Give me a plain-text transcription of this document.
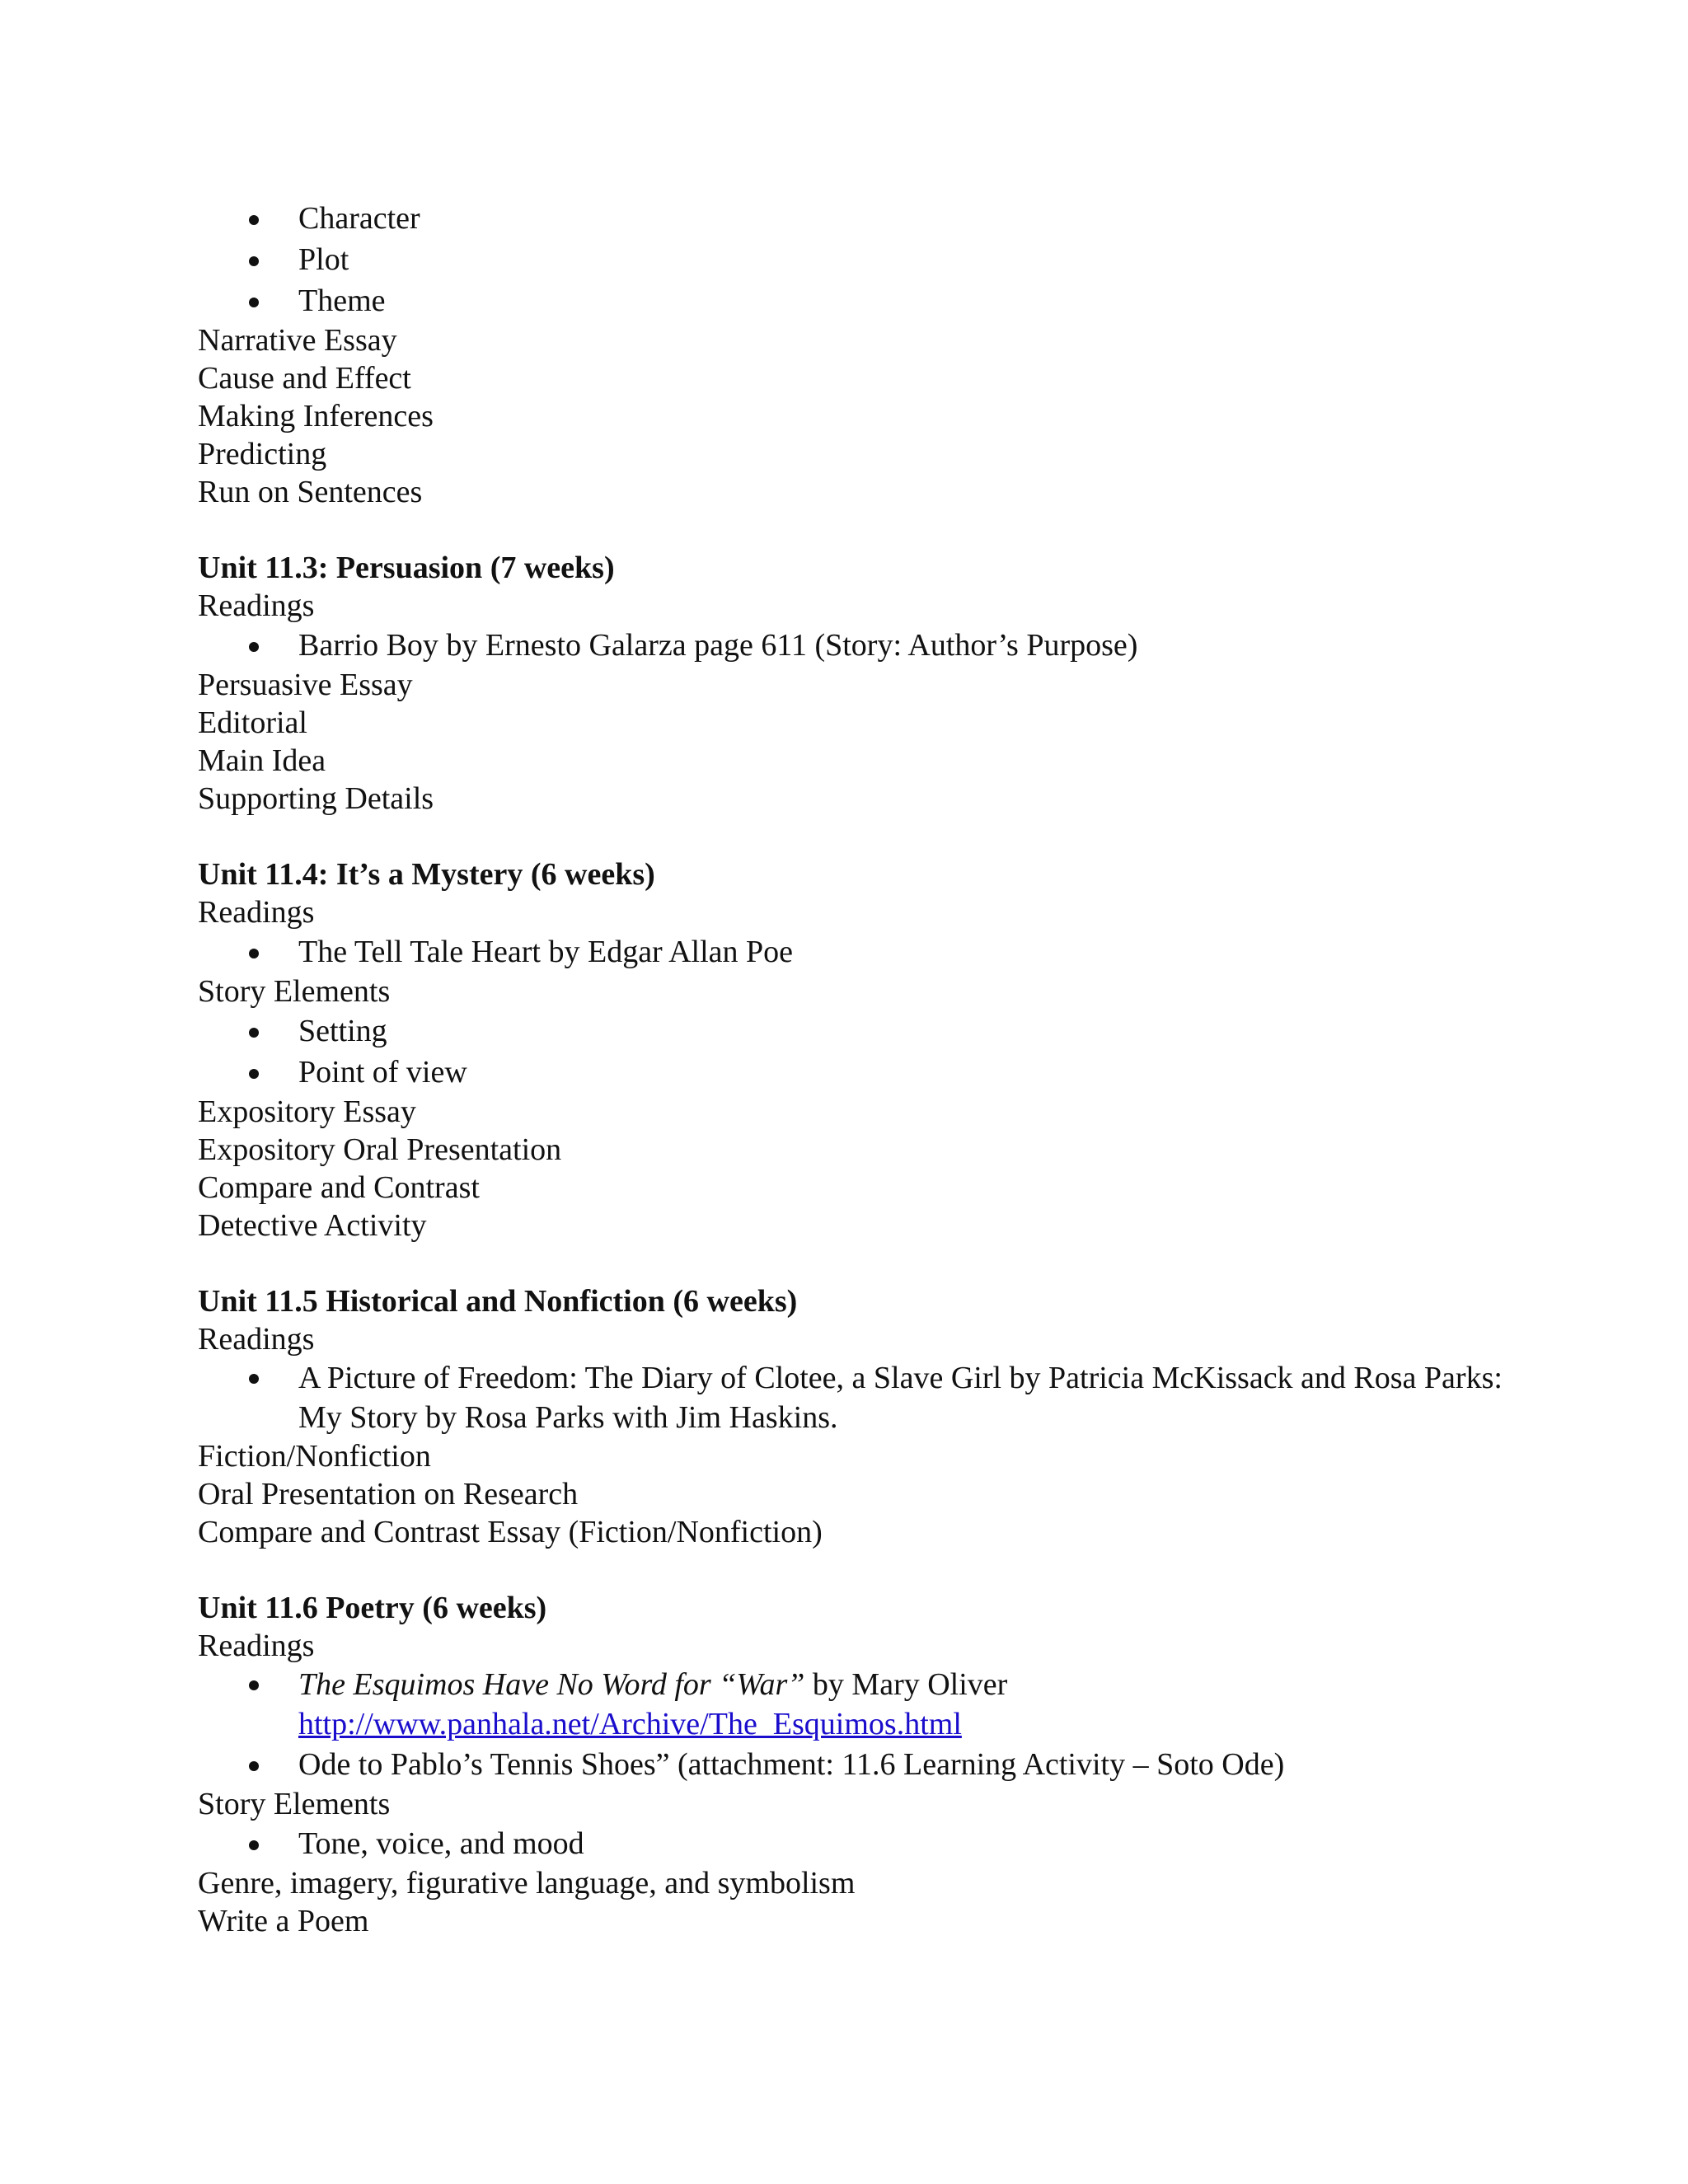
Character
Plot
Theme
Narrative Essay
Cause and Effect
Making Inferences
Predicting
Run on Sentences
Unit 11.3: Persuasion (7 weeks)
Readings
Barrio Boy by Ernesto Galarza page 611 (Story: Author’s Purpose)
Persuasive Essay
Editorial
Main Idea
Supporting Details
Unit 11.4: It’s a Mystery (6 weeks)
Readings
The Tell Tale Heart by Edgar Allan Poe
Story Elements
Setting
Point of view
Expository Essay
Expository Oral Presentation
Compare and Contrast
Detective Activity
Unit 11.5 Historical and Nonfiction (6 weeks)
Readings
A Picture of Freedom: The Diary of Clotee, a Slave Girl by Patricia McKissack and Rosa Parks: My Story by Rosa Parks with Jim Haskins.
Fiction/Nonfiction
Oral Presentation on Research
Compare and Contrast Essay (Fiction/Nonfiction)
Unit 11.6 Poetry (6 weeks)
Readings
The Esquimos Have No Word for “War” by Mary Oliver
http://www.panhala.net/Archive/The_Esquimos.html
Ode to Pablo’s Tennis Shoes” (attachment: 11.6 Learning Activity – Soto Ode)
Story Elements
Tone, voice, and mood
Genre, imagery, figurative language, and symbolism
Write a Poem
